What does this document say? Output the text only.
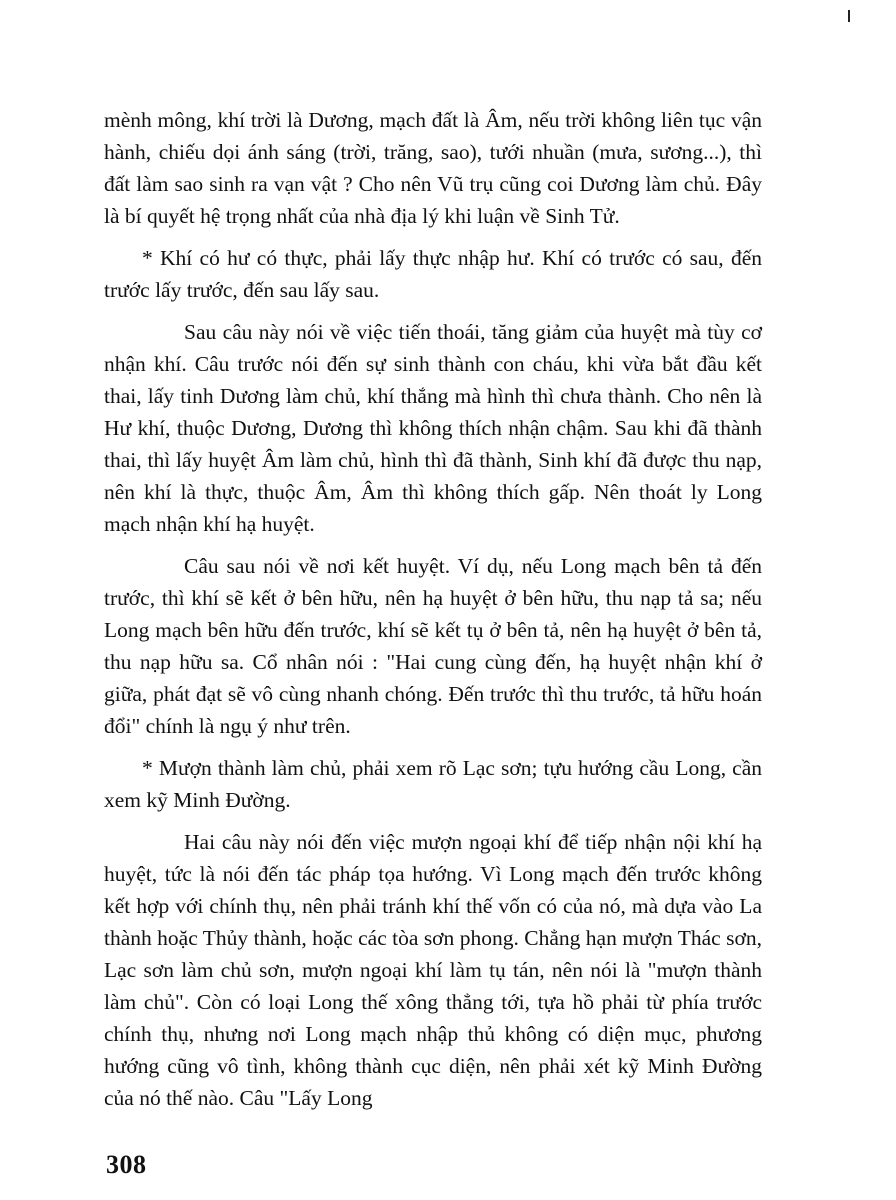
mènh mông, khí trời là Dương, mạch đất là Âm, nếu trời không liên tục vận hành, chiếu dọi ánh sáng (trời, trăng, sao), tưới nhuần (mưa, sương...), thì đất làm sao sinh ra vạn vật ? Cho nên Vũ trụ cũng coi Dương làm chủ. Đây là bí quyết hệ trọng nhất của nhà địa lý khi luận về Sinh Tử.

* Khí có hư có thực, phải lấy thực nhập hư. Khí có trước có sau, đến trước lấy trước, đến sau lấy sau.

Sau câu này nói về việc tiến thoái, tăng giảm của huyệt mà tùy cơ nhận khí. Câu trước nói đến sự sinh thành con cháu, khi vừa bắt đầu kết thai, lấy tinh Dương làm chủ, khí thắng mà hình thì chưa thành. Cho nên là Hư khí, thuộc Dương, Dương thì không thích nhận chậm. Sau khi đã thành thai, thì lấy huyệt Âm làm chủ, hình thì đã thành, Sinh khí đã được thu nạp, nên khí là thực, thuộc Âm, Âm thì không thích gấp. Nên thoát ly Long mạch nhận khí hạ huyệt.

Câu sau nói về nơi kết huyệt. Ví dụ, nếu Long mạch bên tả đến trước, thì khí sẽ kết ở bên hữu, nên hạ huyệt ở bên hữu, thu nạp tả sa; nếu Long mạch bên hữu đến trước, khí sẽ kết tụ ở bên tả, nên hạ huyệt ở bên tả, thu nạp hữu sa. Cổ nhân nói : "Hai cung cùng đến, hạ huyệt nhận khí ở giữa, phát đạt sẽ vô cùng nhanh chóng. Đến trước thì thu trước, tả hữu hoán đổi" chính là ngụ ý như trên.

* Mượn thành làm chủ, phải xem rõ Lạc sơn; tựu hướng cầu Long, cần xem kỹ Minh Đường.

Hai câu này nói đến việc mượn ngoại khí để tiếp nhận nội khí hạ huyệt, tức là nói đến tác pháp tọa hướng. Vì Long mạch đến trước không kết hợp với chính thụ, nên phải tránh khí thế vốn có của nó, mà dựa vào La thành hoặc Thủy thành, hoặc các tòa sơn phong. Chẳng hạn mượn Thác sơn, Lạc sơn làm chủ sơn, mượn ngoại khí làm tụ tán, nên nói là "mượn thành làm chủ". Còn có loại Long thế xông thẳng tới, tựa hồ phải từ phía trước chính thụ, nhưng nơi Long mạch nhập thủ không có diện mục, phương hướng cũng vô tình, không thành cục diện, nên phải xét kỹ Minh Đường của nó thế nào. Câu "Lấy Long

308
